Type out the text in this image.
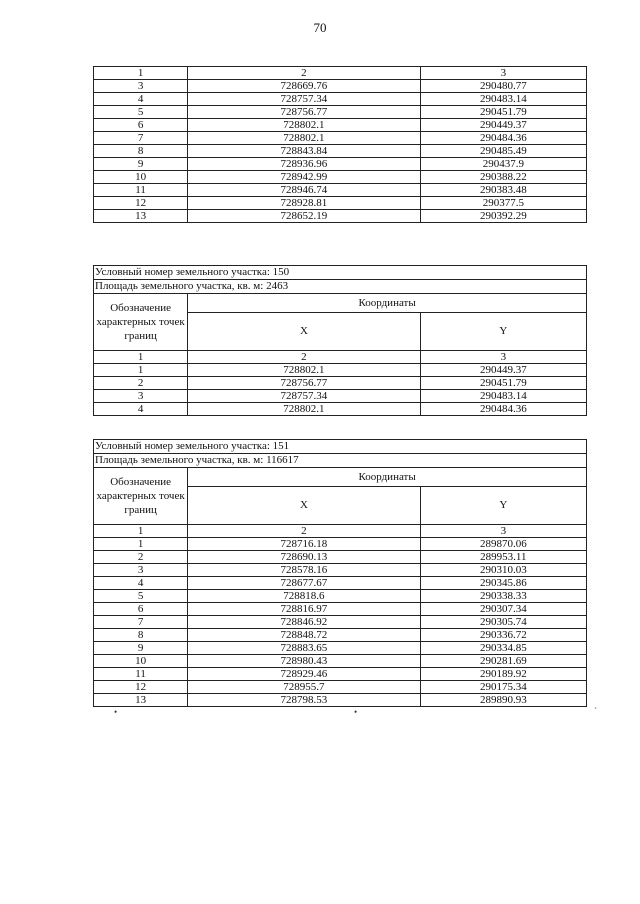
70
1	2	3
3	728669.76	290480.77
4	728757.34	290483.14
5	728756.77	290451.79
6	728802.1	290449.37
7	728802.1	290484.36
8	728843.84	290485.49
9	728936.96	290437.9
10	728942.99	290388.22
11	728946.74	290383.48
12	728928.81	290377.5
13	728652.19	290392.29
Условный номер земельного участка: 150		
Площадь земельного участка, кв. м: 2463		
Обозначение характерных точек границ	Координаты	
	X	Y
1	2	3
1	728802.1	290449.37
2	728756.77	290451.79
3	728757.34	290483.14
4	728802.1	290484.36
Условный номер земельного участка: 151		
Площадь земельного участка, кв. м: 116617		
Обозначение характерных точек границ	Координаты	
	X	Y
1	2	3
1	728716.18	289870.06
2	728690.13	289953.11
3	728578.16	290310.03
4	728677.67	290345.86
5	728818.6	290338.33
6	728816.97	290307.34
7	728846.92	290305.74
8	728848.72	290336.72
9	728883.65	290334.85
10	728980.43	290281.69
11	728929.46	290189.92
12	728955.7	290175.34
13	728798.53	289890.93
•	•	ˋ
